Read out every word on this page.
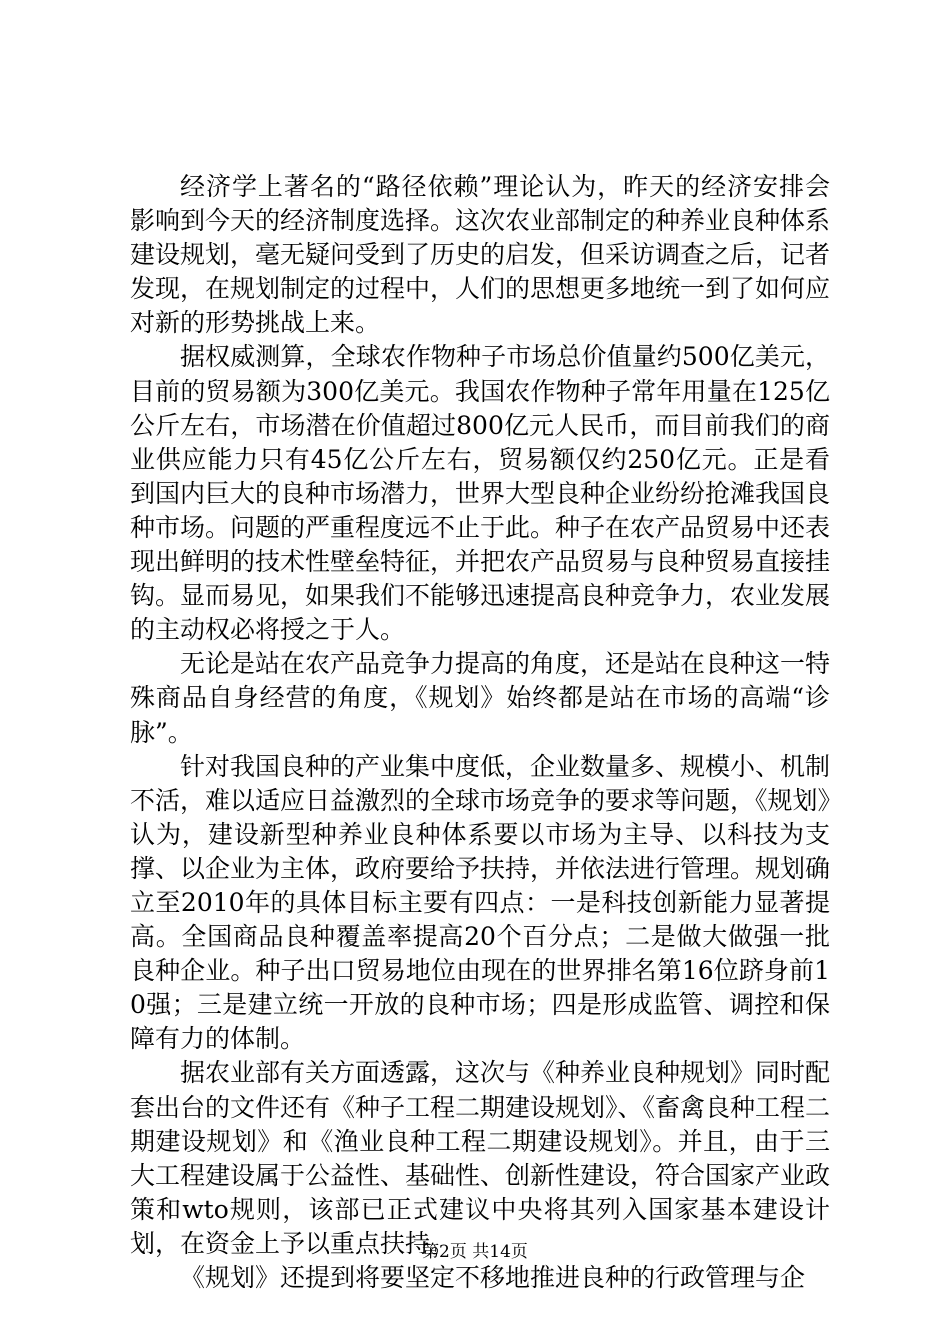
经济学上著名的“路径依赖”理论认为，昨天的经济安排会影响到今天的经济制度选择。这次农业部制定的种养业良种体系建设规划，毫无疑问受到了历史的启发，但采访调查之后，记者发现，在规划制定的过程中，人们的思想更多地统一到了如何应对新的形势挑战上来。

据权威测算，全球农作物种子市场总价值量约500亿美元，目前的贸易额为300亿美元。我国农作物种子常年用量在125亿公斤左右，市场潜在价值超过800亿元人民币，而目前我们的商业供应能力只有45亿公斤左右，贸易额仅约250亿元。正是看到国内巨大的良种市场潜力，世界大型良种企业纷纷抢滩我国良种市场。问题的严重程度远不止于此。种子在农产品贸易中还表现出鲜明的技术性壁垒特征，并把农产品贸易与良种贸易直接挂钩。显而易见，如果我们不能够迅速提高良种竞争力，农业发展的主动权必将授之于人。

无论是站在农产品竞争力提高的角度，还是站在良种这一特殊商品自身经营的角度，《规划》始终都是站在市场的高端“诊脉”。

针对我国良种的产业集中度低，企业数量多、规模小、机制不活，难以适应日益激烈的全球市场竞争的要求等问题，《规划》认为，建设新型种养业良种体系要以市场为主导、以科技为支撑、以企业为主体，政府要给予扶持，并依法进行管理。规划确立至2010年的具体目标主要有四点：一是科技创新能力显著提高。全国商品良种覆盖率提高20个百分点；二是做大做强一批良种企业。种子出口贸易地位由现在的世界排名第16位跻身前10强；三是建立统一开放的良种市场；四是形成监管、调控和保障有力的体制。

据农业部有关方面透露，这次与《种养业良种规划》同时配套出台的文件还有《种子工程二期建设规划》、《畜禽良种工程二期建设规划》和《渔业良种工程二期建设规划》。并且，由于三大工程建设属于公益性、基础性、创新性建设，符合国家产业政策和wto规则，该部已正式建议中央将其列入国家基本建设计划，在资金上予以重点扶持。

《规划》还提到将要坚定不移地推进良种的行政管理与企

第2页 共14页
